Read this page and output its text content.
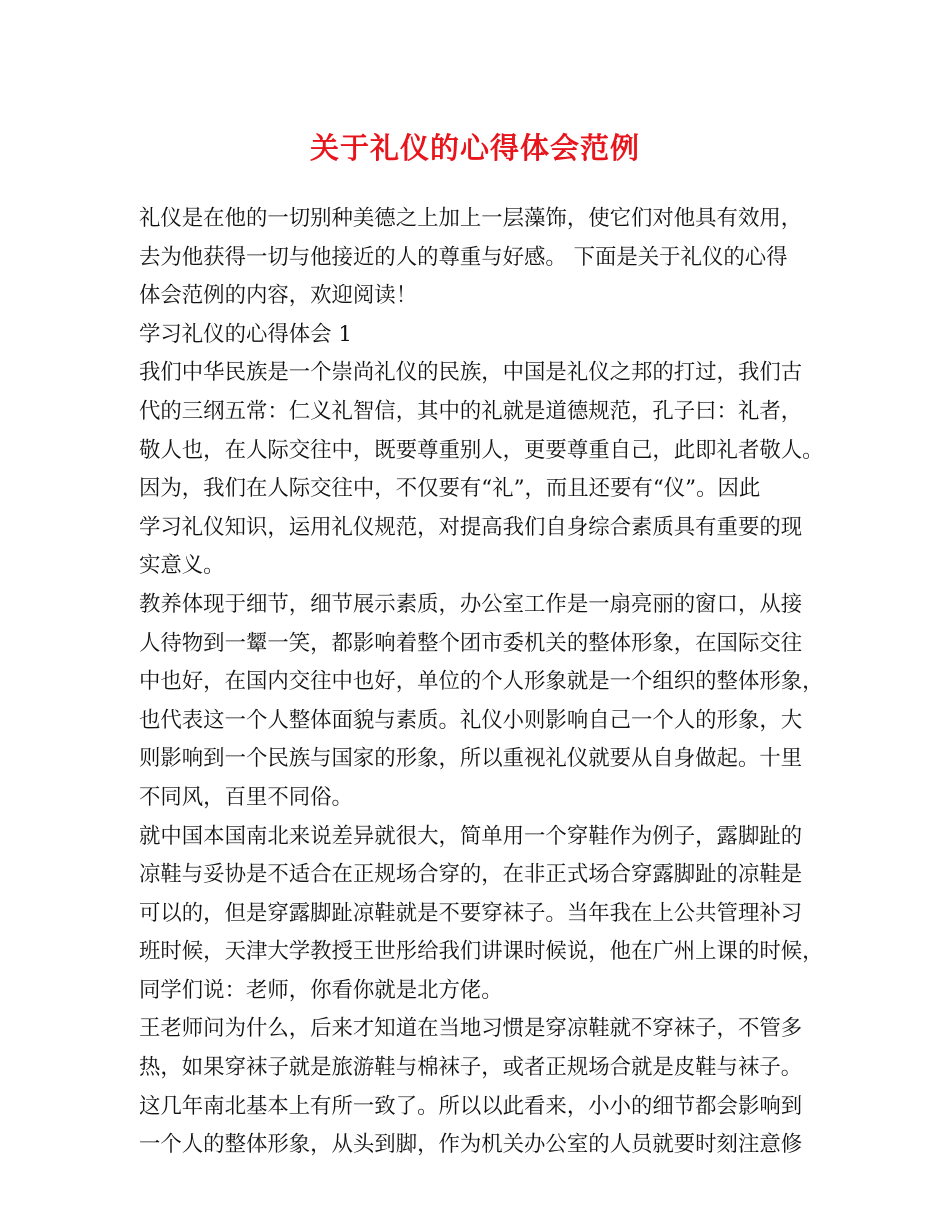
关于礼仪的心得体会范例
礼仪是在他的一切别种美德之上加上一层藻饰，使它们对他具有效用，
去为他获得一切与他接近的人的尊重与好感。 下面是关于礼仪的心得
体会范例的内容，欢迎阅读！
学习礼仪的心得体会 1
我们中华民族是一个崇尚礼仪的民族，中国是礼仪之邦的打过，我们古
代的三纲五常：仁义礼智信，其中的礼就是道德规范，孔子曰：礼者，
敬人也，在人际交往中，既要尊重别人，更要尊重自己，此即礼者敬人。
因为，我们在人际交往中，不仅要有“礼”，而且还要有“仪”。因此
学习礼仪知识，运用礼仪规范，对提高我们自身综合素质具有重要的现
实意义。
教养体现于细节，细节展示素质，办公室工作是一扇亮丽的窗口，从接
人待物到一颦一笑，都影响着整个团市委机关的整体形象，在国际交往
中也好，在国内交往中也好，单位的个人形象就是一个组织的整体形象，
也代表这一个人整体面貌与素质。礼仪小则影响自己一个人的形象，大
则影响到一个民族与国家的形象，所以重视礼仪就要从自身做起。十里
不同风，百里不同俗。
就中国本国南北来说差异就很大，简单用一个穿鞋作为例子，露脚趾的
凉鞋与妥协是不适合在正规场合穿的，在非正式场合穿露脚趾的凉鞋是
可以的，但是穿露脚趾凉鞋就是不要穿袜子。当年我在上公共管理补习
班时候，天津大学教授王世彤给我们讲课时候说，他在广州上课的时候，
同学们说：老师，你看你就是北方佬。
王老师问为什么，后来才知道在当地习惯是穿凉鞋就不穿袜子，不管多
热，如果穿袜子就是旅游鞋与棉袜子，或者正规场合就是皮鞋与袜子。
这几年南北基本上有所一致了。所以以此看来，小小的细节都会影响到
一个人的整体形象，从头到脚，作为机关办公室的人员就要时刻注意修
